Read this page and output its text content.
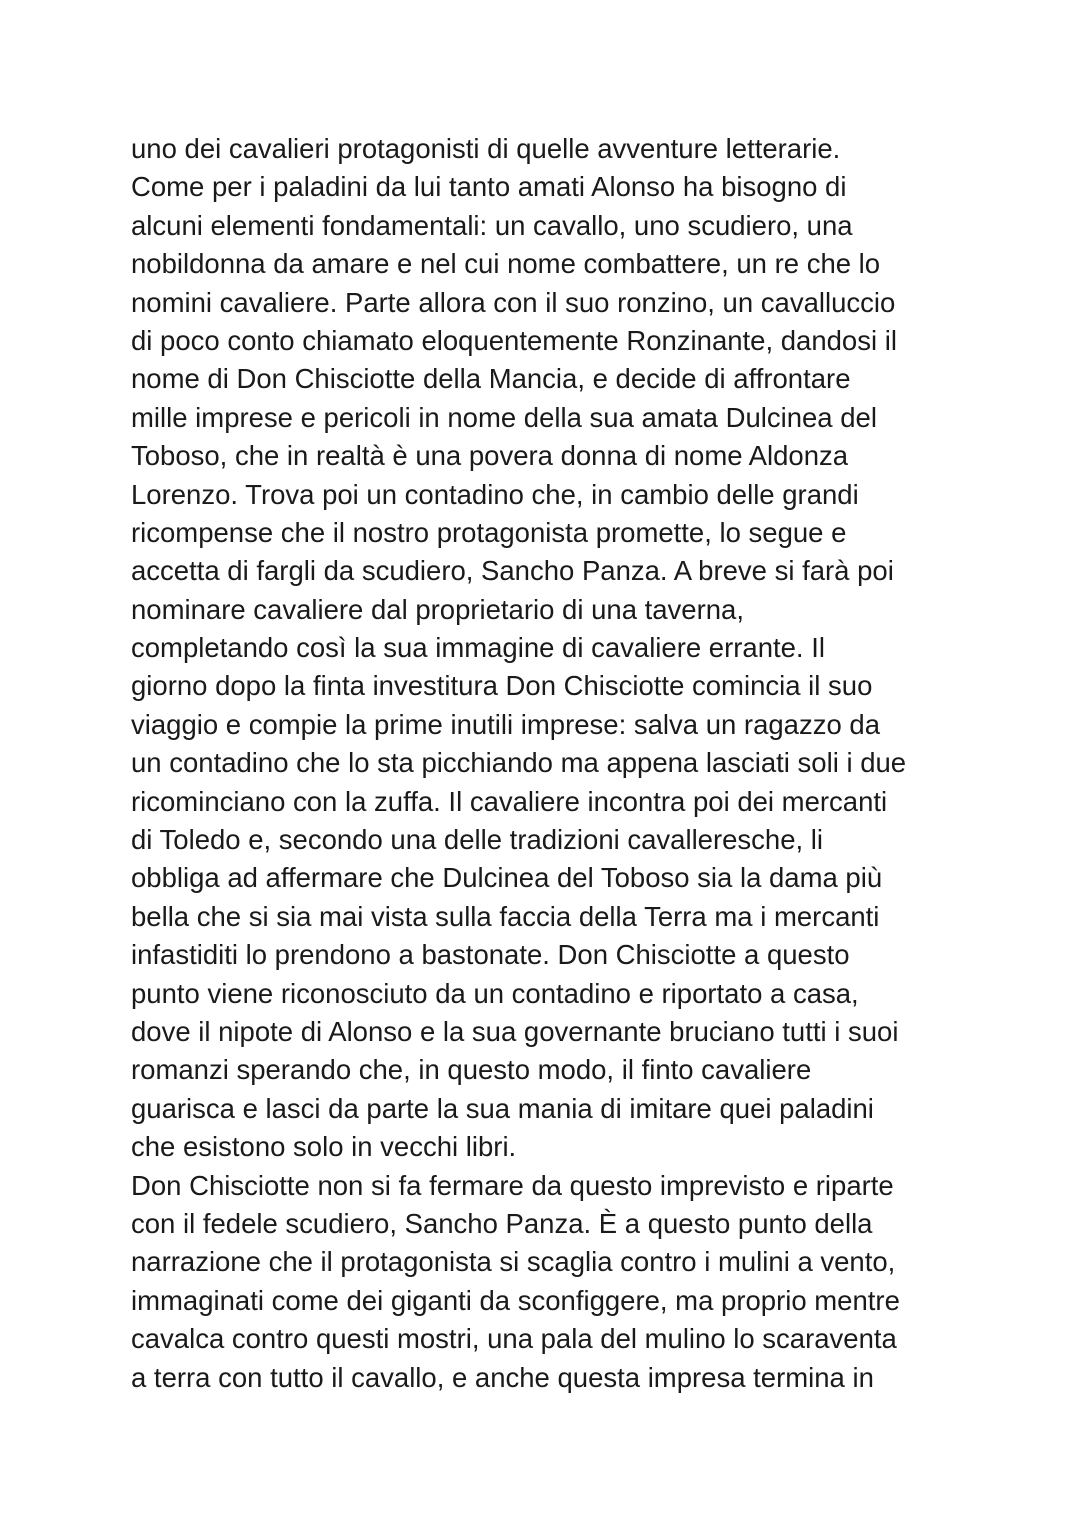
uno dei cavalieri protagonisti di quelle avventure letterarie.
Come per i paladini da lui tanto amati Alonso ha bisogno di
alcuni elementi fondamentali: un cavallo, uno scudiero, una
nobildonna da amare e nel cui nome combattere, un re che lo
nomini cavaliere. Parte allora con il suo ronzino, un cavalluccio
di poco conto chiamato eloquentemente Ronzinante, dandosi il
nome di Don Chisciotte della Mancia, e decide di affrontare
mille imprese e pericoli in nome della sua amata Dulcinea del
Toboso, che in realtà è una povera donna di nome Aldonza
Lorenzo. Trova poi un contadino che, in cambio delle grandi
ricompense che il nostro protagonista promette, lo segue e
accetta di fargli da scudiero, Sancho Panza. A breve si farà poi
nominare cavaliere dal proprietario di una taverna,
completando così la sua immagine di cavaliere errante. Il
giorno dopo la finta investitura Don Chisciotte comincia il suo
viaggio e compie la prime inutili imprese: salva un ragazzo da
un contadino che lo sta picchiando ma appena lasciati soli i due
ricominciano con la zuffa. Il cavaliere incontra poi dei mercanti
di Toledo e, secondo una delle tradizioni cavalleresche, li
obbliga ad affermare che Dulcinea del Toboso sia la dama più
bella che si sia mai vista sulla faccia della Terra ma i mercanti
infastiditi lo prendono a bastonate. Don Chisciotte a questo
punto viene riconosciuto da un contadino e riportato a casa,
dove il nipote di Alonso e la sua governante bruciano tutti i suoi
romanzi sperando che, in questo modo, il finto cavaliere
guarisca e lasci da parte la sua mania di imitare quei paladini
che esistono solo in vecchi libri.
Don Chisciotte non si fa fermare da questo imprevisto e riparte
con il fedele scudiero, Sancho Panza. È a questo punto della
narrazione che il protagonista si scaglia contro i mulini a vento,
immaginati come dei giganti da sconfiggere, ma proprio mentre
cavalca contro questi mostri, una pala del mulino lo scaraventa
a terra con tutto il cavallo, e anche questa impresa termina in
